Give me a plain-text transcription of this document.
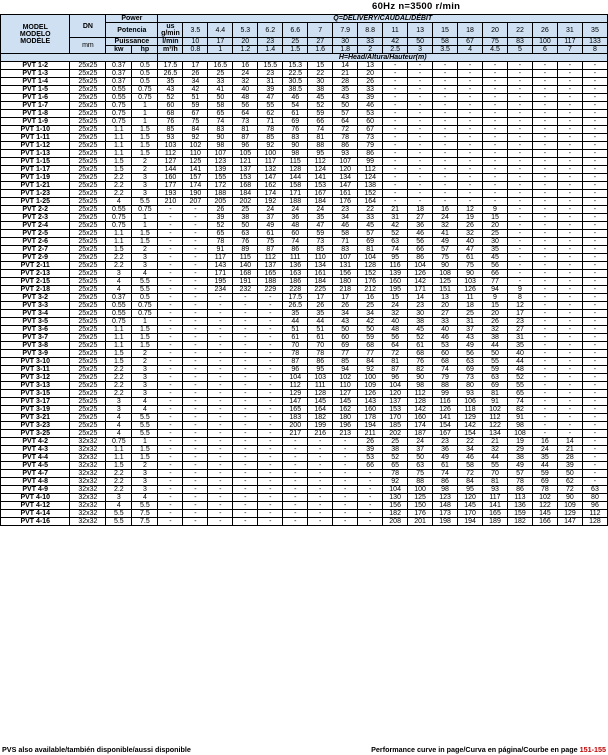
60Hz n=3500 r/min
MODEL
MODELO
MODÈLE	DN	Power		Q=DELIVERY/CAUDAL/DÉBIT																	
		Potencia		us g/min	3.5	4.4	5.3	6.2	6.6	7	7.9	8.8	11	13	15	18	20	22	26	31	35
	mm	Puissance		l/min	10	17	20	23	25	27	30	33	42	50	58	67	75	83	100	117	133
		kw	hp	m³/h	0.8	1	1.2	1.4	1.5	1.6	1.8	2	2.5	3	3.5	4	4.5	5	6	7	8
				H=Head/Altura/Hauteur(m)																	
PVT 1-2	25x25	0.37	0.5	17.5	17	16.5	16	15.5	15.3	15	14	13	-	-	-	-	-	-	-	-	-
PVT 1-3	25x25	0.37	0.5	26.5	26	25	24	23	22.5	22	21	20	-	-	-	-	-	-	-	-	-
PVT 1-4	25x25	0.37	0.5	35	34	33	32	31	30.5	30	28	26	-	-	-	-	-	-	-	-	-
PVT 1-5	25x25	0.55	0.75	43	42	41	40	39	38.5	38	35	33	-	-	-	-	-	-	-	-	-
PVT 1-6	25x25	0.55	0.75	52	51	50	48	47	46	45	43	39	-	-	-	-	-	-	-	-	-
PVT 1-7	25x25	0.75	1	60	59	58	56	55	54	52	50	46	-	-	-	-	-	-	-	-	-
PVT 1-8	25x25	0.75	1	68	67	65	64	62	61	59	57	53	-	-	-	-	-	-	-	-	-
PVT 1-9	25x25	0.75	1	76	75	74	73	71	69	66	64	60	-	-	-	-	-	-	-	-	-
PVT 1-10	25x25	1.1	1.5	85	84	83	81	78	76	74	72	67	-	-	-	-	-	-	-	-	-
PVT 1-11	25x25	1.1	1.5	93	92	90	87	85	83	81	78	73	-	-	-	-	-	-	-	-	-
PVT 1-12	25x25	1.1	1.5	103	102	98	96	92	90	88	86	79	-	-	-	-	-	-	-	-	-
PVT 1-13	25x25	1.1	1.5	112	110	107	105	100	98	95	93	86	-	-	-	-	-	-	-	-	-
PVT 1-15	25x25	1.5	2	127	125	123	121	117	115	112	107	99	-	-	-	-	-	-	-	-	-
PVT 1-17	25x25	1.5	2	144	141	139	137	132	128	124	120	112	-	-	-	-	-	-	-	-	-
PVT 1-19	25x25	2.2	3	160	157	155	153	147	144	141	134	124	-	-	-	-	-	-	-	-	-
PVT 1-21	25x25	2.2	3	177	174	172	168	162	158	153	147	138	-	-	-	-	-	-	-	-	-
PVT 1-23	25x25	2.2	3	193	190	188	184	174	171	167	161	152	-	-	-	-	-	-	-	-	-
PVT 1-25	25x25	4	5.5	210	207	205	202	192	188	184	176	164	-	-	-	-	-	-	-	-	-
PVT 2-2	25x25	0.55	0.75	-	-	26	25	24	24	24	23	22	21	18	16	12	9	-	-	-	-
PVT 2-3	25x25	0.75	1	-	-	39	38	37	36	35	34	33	31	27	24	19	15	-	-	-	-
PVT 2-4	25x25	0.75	1	-	-	52	50	49	48	47	46	45	42	36	32	26	20	-	-	-	-
PVT 2-5	25x25	1.1	1.5	-	-	65	63	61	60	59	58	57	52	46	41	32	25	-	-	-	-
PVT 2-6	25x25	1.1	1.5	-	-	78	76	75	74	73	71	69	63	56	49	40	30	-	-	-	-
PVT 2-7	25x25	1.5	2	-	-	91	89	87	86	85	83	81	74	66	57	47	35	-	-	-	-
PVT 2-9	25x25	2.2	3	-	-	117	115	112	111	110	107	104	95	86	75	61	45	-	-	-	-
PVT 2-11	25x25	2.2	3	-	-	143	140	137	136	134	131	128	116	104	90	75	56	-	-	-	-
PVT 2-13	25x25	3	4	-	-	171	168	165	163	161	156	152	139	126	108	90	66	-	-	-	-
PVT 2-15	25x25	4	5.5	-	-	195	191	188	186	184	180	176	160	142	125	103	77	-	-	-	-
PVT 2-18	25x25	4	5.5	-	-	234	232	229	228	225	218	212	195	171	151	126	94	9	-	-	-
PVT 3-2	25x25	0.37	0.5	-	-	-	-	-	17.5	17	17	16	15	14	13	11	9	8	-	-	-
PVT 3-3	25x25	0.55	0.75	-	-	-	-	-	26.5	26	26	25	24	23	20	18	15	12	-	-	-
PVT 3-4	25x25	0.55	0.75	-	-	-	-	-	35	35	34	34	32	30	27	25	20	17	-	-	-
PVT 3-5	25x25	0.75	1	-	-	-	-	-	44	44	43	42	40	38	33	31	26	23	-	-	-
PVT 3-6	25x25	1.1	1.5	-	-	-	-	-	51	51	50	50	48	45	40	37	32	27	-	-	-
PVT 3-7	25x25	1.1	1.5	-	-	-	-	-	61	61	60	59	56	52	46	43	38	31	-	-	-
PVT 3-8	25x25	1.1	1.5	-	-	-	-	-	70	70	69	68	64	61	53	49	44	35	-	-	-
PVT 3-9	25x25	1.5	2	-	-	-	-	-	78	78	77	77	72	68	60	56	50	40	-	-	-
PVT 3-10	25x25	1.5	2	-	-	-	-	-	87	86	85	84	81	76	68	63	55	44	-	-	-
PVT 3-11	25x25	2.2	3	-	-	-	-	-	96	95	94	92	87	82	74	69	59	48	-	-	-
PVT 3-12	25x25	2.2	3	-	-	-	-	-	104	103	102	100	96	90	79	73	63	52	-	-	-
PVT 3-13	25x25	2.2	3	-	-	-	-	-	112	111	110	109	104	98	88	80	69	55	-	-	-
PVT 3-15	25x25	2.2	3	-	-	-	-	-	129	128	127	126	120	112	99	93	81	65	-	-	-
PVT 3-17	25x25	3	4	-	-	-	-	-	147	145	145	143	137	128	116	106	91	74	-	-	-
PVT 3-19	25x25	3	4	-	-	-	-	-	165	164	162	160	153	142	126	118	102	82	-	-	-
PVT 3-21	25x25	4	5.5	-	-	-	-	-	183	182	180	178	170	160	141	129	112	91	-	-	-
PVT 3-23	25x25	4	5.5	-	-	-	-	-	200	199	196	194	185	174	154	142	122	98	-	-	-
PVT 3-25	25x25	4	5.5	-	-	-	-	-	217	216	213	211	202	187	167	154	134	108	-	-	-
PVT 4-2	32x32	0.75	1	-	-	-	-	-	-	-	-	26	25	24	23	22	21	19	16	14	-
PVT 4-3	32x32	1.1	1.5	-	-	-	-	-	-	-	-	39	38	37	36	34	32	29	24	21	-
PVT 4-4	32x32	1.1	1.5	-	-	-	-	-	-	-	-	53	52	50	49	46	44	38	35	28	-
PVT 4-5	32x32	1.5	2	-	-	-	-	-	-	-	-	66	65	63	61	58	55	49	44	39	-
PVT 4-7	32x32	2.2	3	-	-	-	-	-	-	-	-	-	78	75	74	72	70	57	59	50	-
PVT 4-8	32x32	2.2	3	-	-	-	-	-	-	-	-	-	92	88	86	84	81	78	69	62	-
PVT 4-9	32x32	2.2	3	-	-	-	-	-	-	-	-	-	104	100	98	95	93	86	78	72	63
PVT 4-10	32x32	3	4	-	-	-	-	-	-	-	-	-	130	125	123	120	117	113	102	90	80
PVT 4-12	32x32	4	5.5	-	-	-	-	-	-	-	-	-	156	150	148	145	141	136	122	109	96
PVT 4-14	32x32	5.5	7.5	-	-	-	-	-	-	-	-	-	182	176	173	170	165	159	145	129	112
PVT 4-16	32x32	5.5	7.5	-	-	-	-	-	-	-	-	-	208	201	198	194	189	182	166	147	128
PVS also available/también disponible/aussi disponible	Performance curve in page/Curva en página/Courbe en page 151-155
